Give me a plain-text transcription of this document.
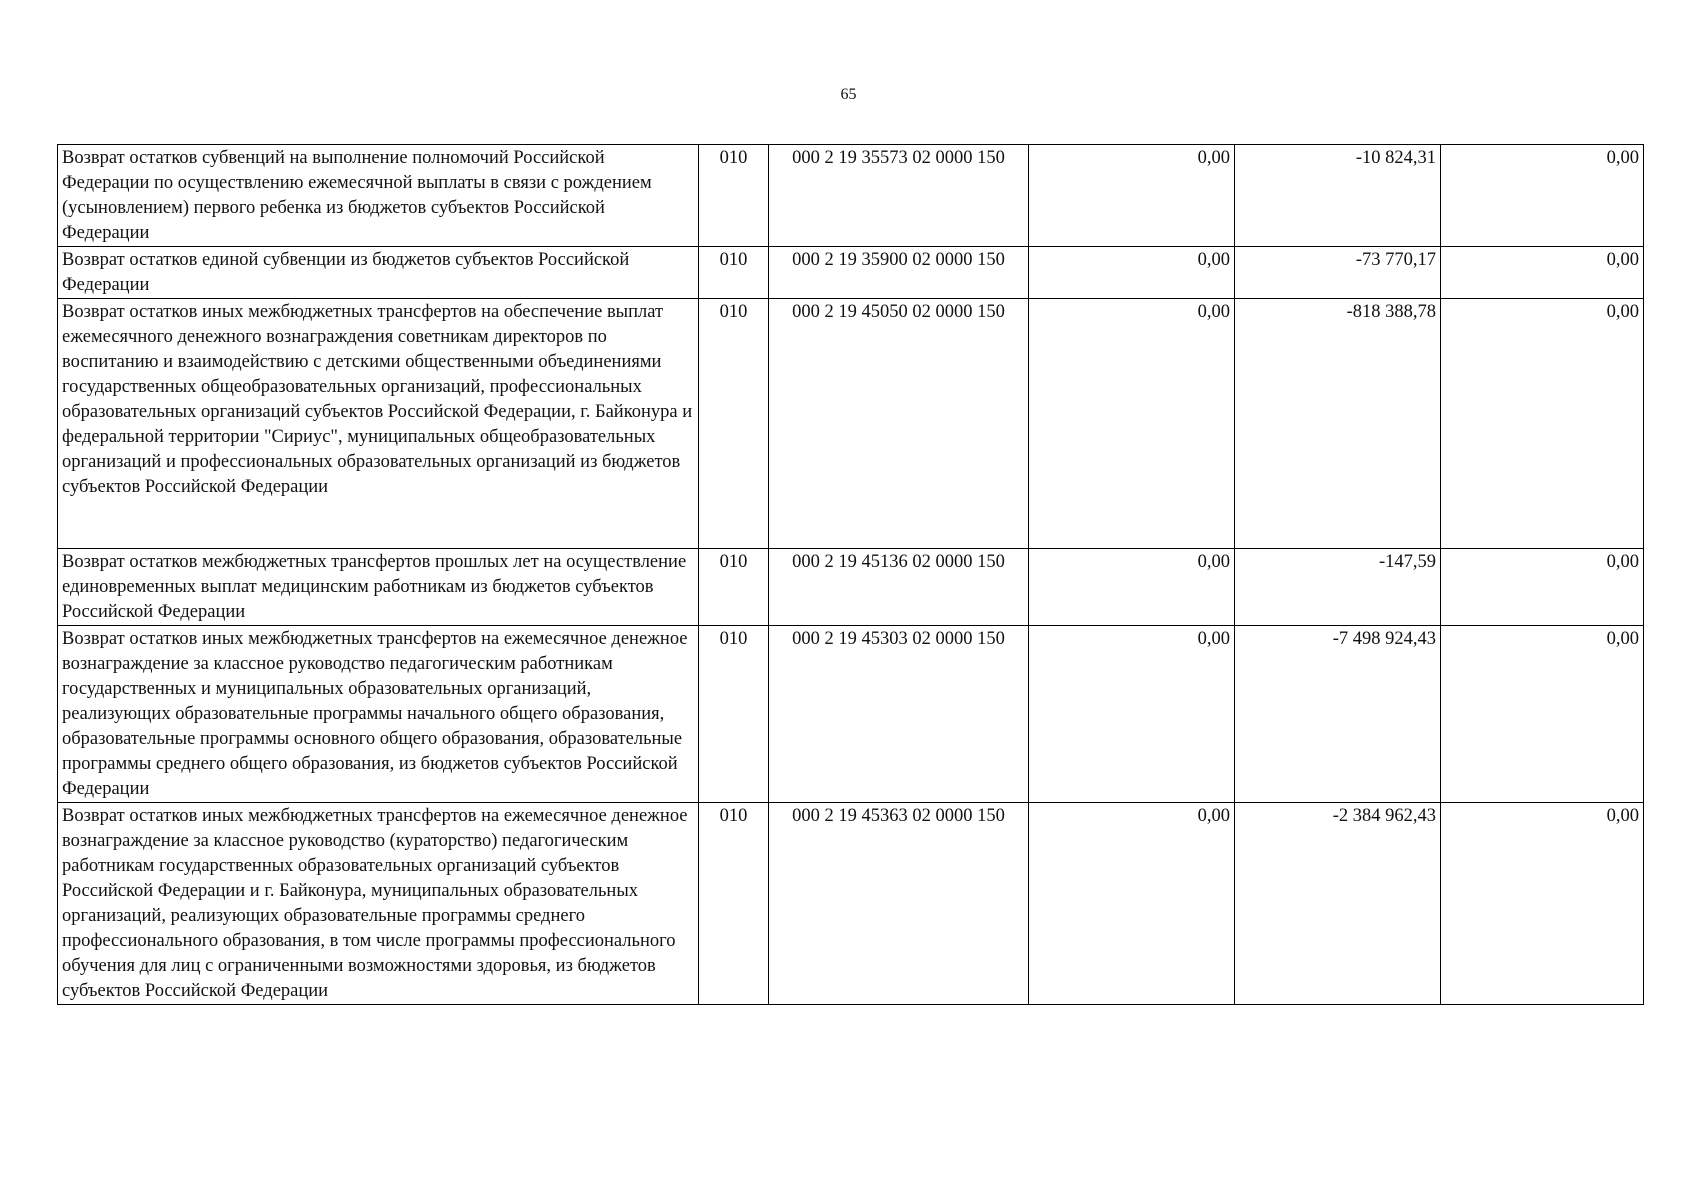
65
Возврат остатков субвенций на выполнение полномочий Российской Федерации по осуществлению ежемесячной выплаты в связи с рождением (усыновлением) первого ребенка из бюджетов субъектов Российской Федерации	010	000 2 19 35573 02 0000 150	0,00	-10 824,31	0,00
Возврат остатков единой субвенции из бюджетов субъектов Российской Федерации	010	000 2 19 35900 02 0000 150	0,00	-73 770,17	0,00
Возврат остатков иных межбюджетных трансфертов на обеспечение выплат ежемесячного денежного вознаграждения советникам директоров по воспитанию и взаимодействию с детскими общественными объединениями государственных общеобразовательных организаций, профессиональных образовательных организаций субъектов Российской Федерации, г. Байконура и федеральной территории "Сириус", муниципальных общеобразовательных организаций и профессиональных образовательных организаций из бюджетов субъектов Российской Федерации	010	000 2 19 45050 02 0000 150	0,00	-818 388,78	0,00
Возврат остатков межбюджетных трансфертов прошлых лет на осуществление единовременных выплат медицинским работникам из бюджетов субъектов Российской Федерации	010	000 2 19 45136 02 0000 150	0,00	-147,59	0,00
Возврат остатков иных межбюджетных трансфертов на ежемесячное денежное вознаграждение за классное руководство педагогическим работникам государственных и муниципальных образовательных организаций, реализующих образовательные программы начального общего образования, образовательные программы основного общего образования, образовательные программы среднего общего образования, из бюджетов субъектов Российской Федерации	010	000 2 19 45303 02 0000 150	0,00	-7 498 924,43	0,00
Возврат остатков иных межбюджетных трансфертов на ежемесячное денежное вознаграждение за классное руководство (кураторство) педагогическим работникам государственных образовательных организаций субъектов Российской Федерации и г. Байконура, муниципальных образовательных организаций, реализующих образовательные программы среднего профессионального образования, в том числе программы профессионального обучения для лиц с ограниченными возможностями здоровья, из бюджетов субъектов Российской Федерации	010	000 2 19 45363 02 0000 150	0,00	-2 384 962,43	0,00
